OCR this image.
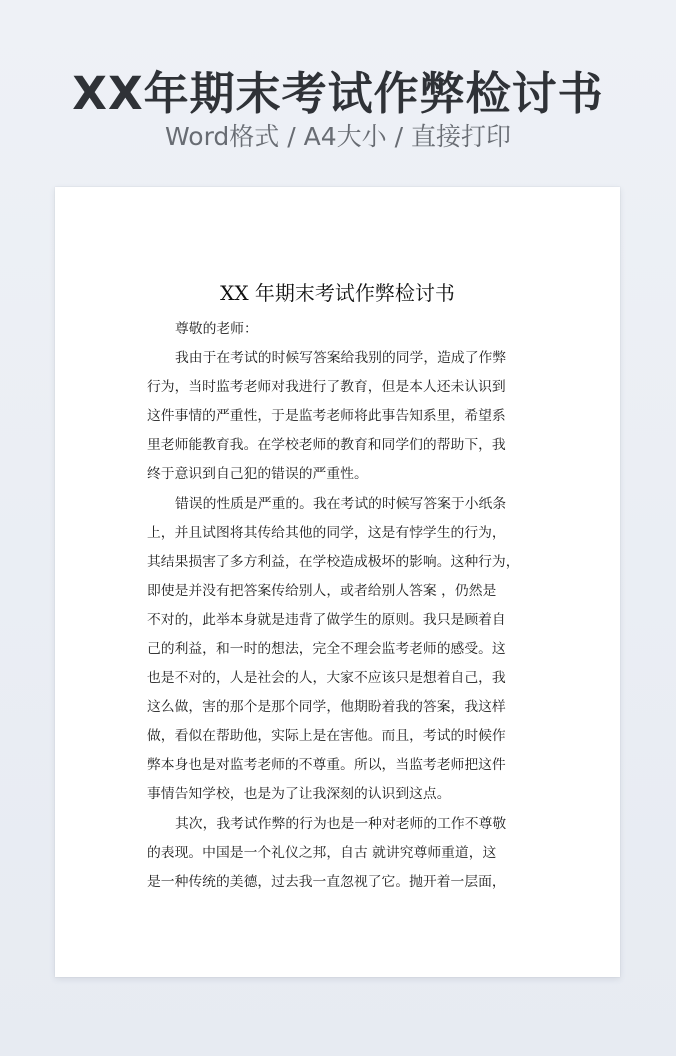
XX年期末考试作弊检讨书
Word格式 / A4大小 / 直接打印
XX 年期末考试作弊检讨书
尊敬的老师：
我由于在考试的时候写答案给我别的同学，造成了作弊
行为，当时监考老师对我进行了教育，但是本人还未认识到
这件事情的严重性，于是监考老师将此事告知系里，希望系
里老师能教育我。在学校老师的教育和同学们的帮助下，我
终于意识到自己犯的错误的严重性。
错误的性质是严重的。我在考试的时候写答案于小纸条
上，并且试图将其传给其他的同学，这是有悖学生的行为，
其结果损害了多方利益，在学校造成极坏的影响。这种行为，
即使是并没有把答案传给别人，或者给别人答案 ，仍然是
不对的，此举本身就是违背了做学生的原则。我只是顾着自
己的利益，和一时的想法，完全不理会监考老师的感受。这
也是不对的，人是社会的人，大家不应该只是想着自己，我
这么做，害的那个是那个同学，他期盼着我的答案，我这样
做，看似在帮助他，实际上是在害他。而且，考试的时候作
弊本身也是对监考老师的不尊重。所以，当监考老师把这件
事情告知学校，也是为了让我深刻的认识到这点。
其次，我考试作弊的行为也是一种对老师的工作不尊敬
的表现。中国是一个礼仪之邦，自古 就讲究尊师重道，这
是一种传统的美德，过去我一直忽视了它。抛开着一层面，
